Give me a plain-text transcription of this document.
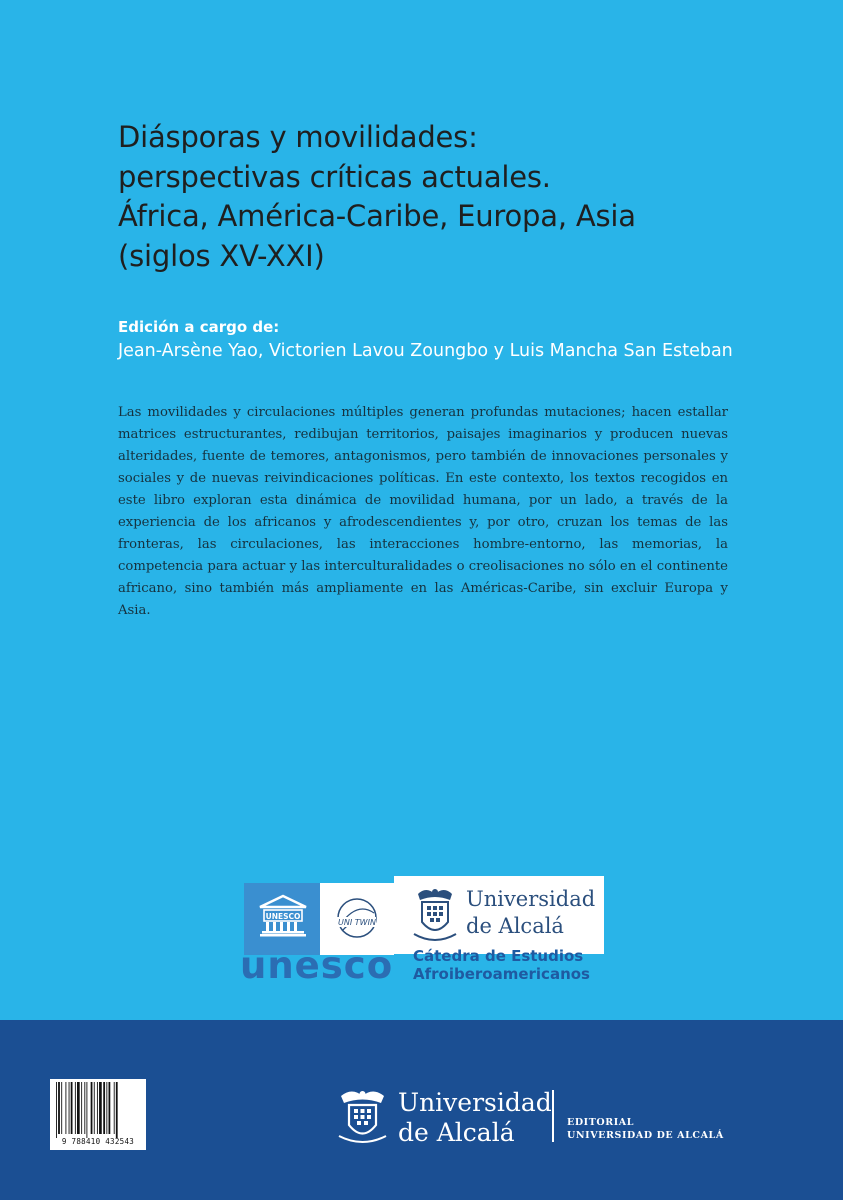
Diásporas y movilidades:
perspectivas críticas actuales.
África, América-Caribe, Europa, Asia
(siglos XV-XXI)
Edición a cargo de:
Jean-Arsène Yao, Victorien Lavou Zoungbo y Luis Mancha San Esteban

Las movilidades y circulaciones múltiples generan profundas mutaciones; hacen estallar matrices estructurantes, redibujan territorios, paisajes imaginarios y producen nuevas alteridades, fuente de temores, antagonismos, pero también de innovaciones personales y sociales y de nuevas reivindicaciones políticas. En este contexto, los textos recogidos en este libro exploran esta dinámica de movilidad humana, por un lado, a través de la experiencia de los africanos y afrodescendientes y, por otro, cruzan los temas de las fronteras, las circulaciones, las interacciones hombre-entorno, las memorias, la competencia para actuar y las interculturalidades o creolisaciones no sólo en el continente africano, sino también más ampliamente en las Américas-Caribe, sin excluir Europa y Asia.

UNESCO
UNI TWIN
unesco
Universidad
de Alcalá
Cátedra de Estudios
Afroiberoamericanos
9 788410 432543
Universidad
de Alcalá	EDITORIAL
UNIVERSIDAD DE ALCALÁ
